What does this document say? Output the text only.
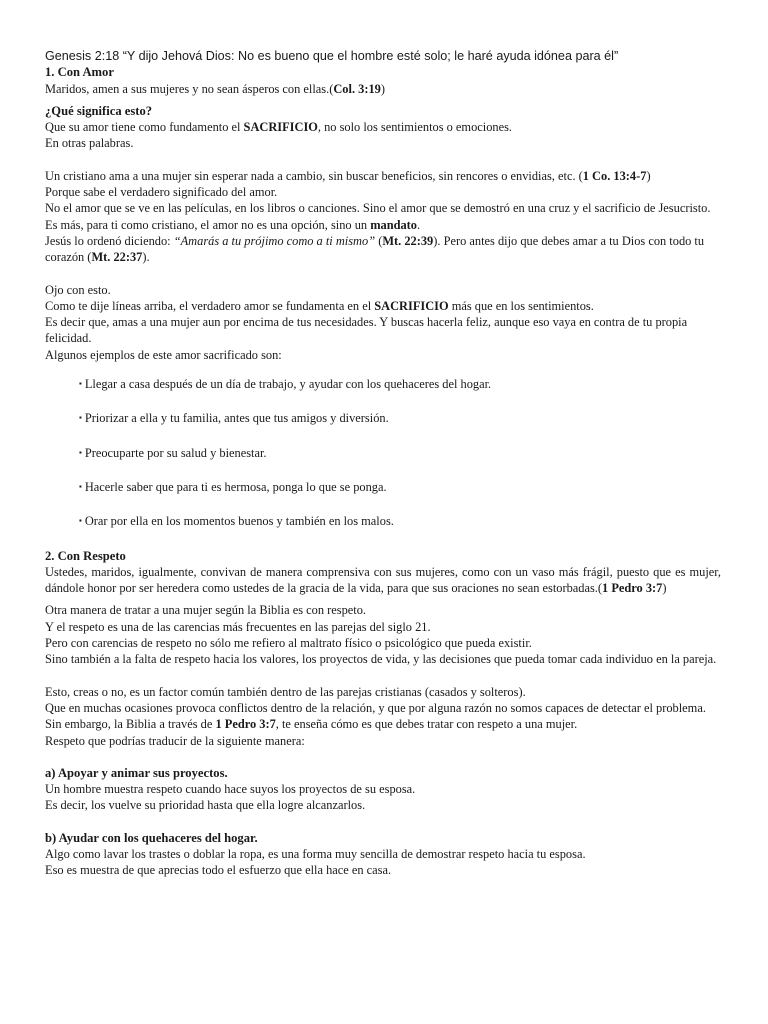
Genesis 2:18 “Y dijo Jehová Dios: No es bueno que el hombre esté solo; le haré ayuda idónea para él”

1. Con Amor

Maridos, amen a sus mujeres y no sean ásperos con ellas.(Col. 3:19)

¿Qué significa esto?

Que su amor tiene como fundamento el SACRIFICIO, no solo los sentimientos o emociones.

En otras palabras.

Un cristiano ama a una mujer sin esperar nada a cambio, sin buscar beneficios, sin rencores o envidias, etc. (1 Co. 13:4-7)

Porque sabe el verdadero significado del amor.

No el amor que se ve en las películas, en los libros o canciones. Sino el amor que se demostró en una cruz y el sacrificio de Jesucristo.

Es más, para ti como cristiano, el amor no es una opción, sino un mandato.

Jesús lo ordenó diciendo: “Amarás a tu prójimo como a ti mismo” (Mt. 22:39). Pero antes dijo que debes amar a tu Dios con todo tu corazón (Mt. 22:37).

Ojo con esto.

Como te dije líneas arriba, el verdadero amor se fundamenta en el SACRIFICIO más que en los sentimientos.

Es decir que, amas a una mujer aun por encima de tus necesidades. Y buscas hacerla feliz, aunque eso vaya en contra de tu propia felicidad.

Algunos ejemplos de este amor sacrificado son:

▪ Llegar a casa después de un día de trabajo, y ayudar con los quehaceres del hogar.
▪ Priorizar a ella y tu familia, antes que tus amigos y diversión.
▪ Preocuparte por su salud y bienestar.
▪ Hacerle saber que para ti es hermosa, ponga lo que se ponga.
▪ Orar por ella en los momentos buenos y también en los malos.
2. Con Respeto

Ustedes, maridos, igualmente, convivan de manera comprensiva con sus mujeres, como con un vaso más frágil, puesto que es mujer, dándole honor por ser heredera como ustedes de la gracia de la vida, para que sus oraciones no sean estorbadas.(1 Pedro 3:7)

Otra manera de tratar a una mujer según la Biblia es con respeto.

Y el respeto es una de las carencias más frecuentes en las parejas del siglo 21.

Pero con carencias de respeto no sólo me refiero al maltrato físico o psicológico que pueda existir.

Sino también a la falta de respeto hacia los valores, los proyectos de vida, y las decisiones que pueda tomar cada individuo en la pareja.

Esto, creas o no, es un factor común también dentro de las parejas cristianas (casados y solteros).

Que en muchas ocasiones provoca conflictos dentro de la relación, y que por alguna razón no somos capaces de detectar el problema.

Sin embargo, la Biblia a través de 1 Pedro 3:7, te enseña cómo es que debes tratar con respeto a una mujer.

Respeto que podrías traducir de la siguiente manera:

a) Apoyar y animar sus proyectos.

Un hombre muestra respeto cuando hace suyos los proyectos de su esposa.

Es decir, los vuelve su prioridad hasta que ella logre alcanzarlos.

b) Ayudar con los quehaceres del hogar.

Algo como lavar los trastes o doblar la ropa, es una forma muy sencilla de demostrar respeto hacia tu esposa.

Eso es muestra de que aprecias todo el esfuerzo que ella hace en casa.
